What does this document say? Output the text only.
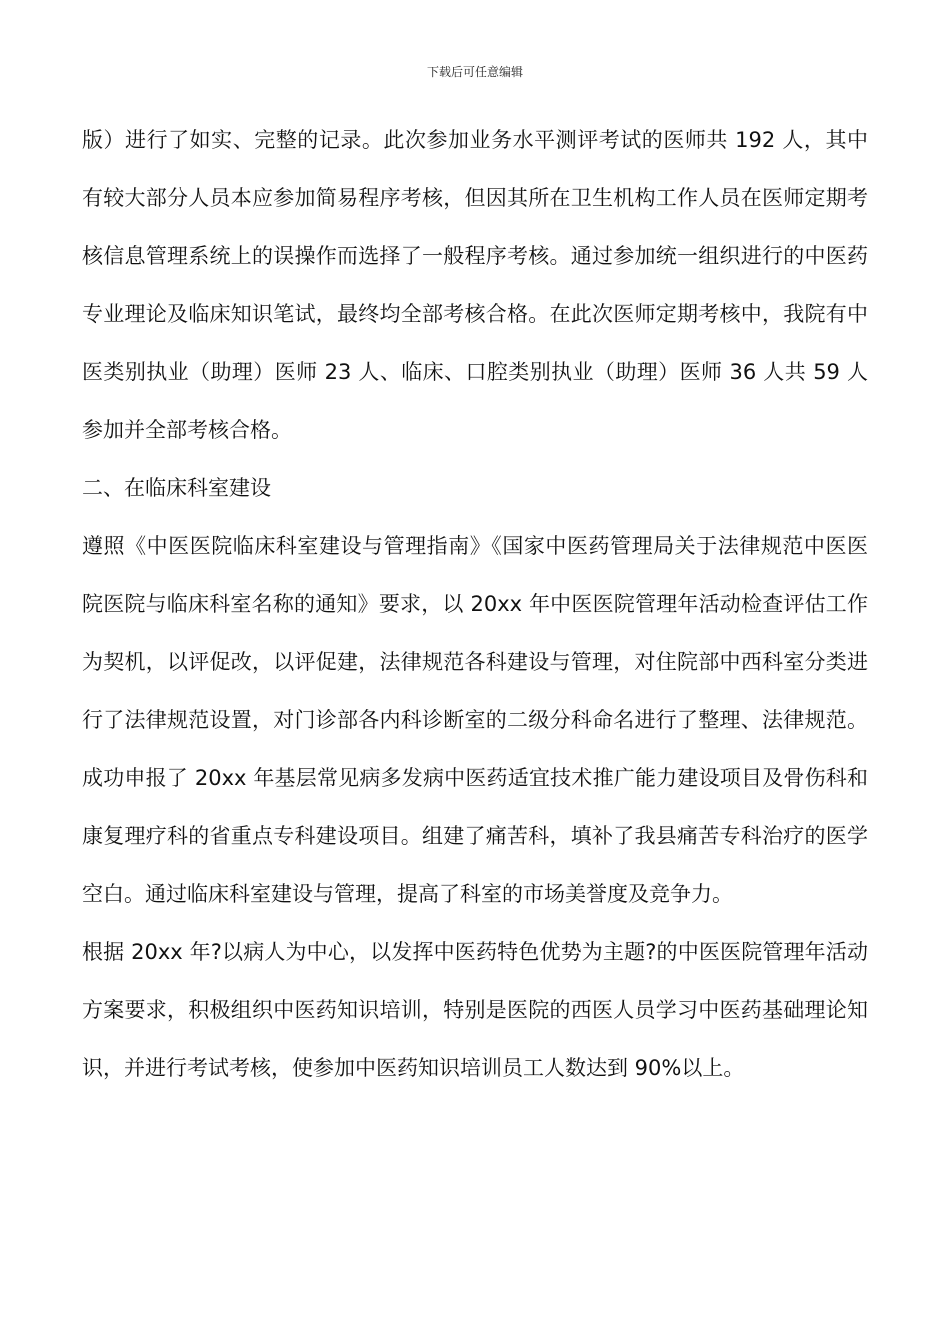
下载后可任意编辑

版）进行了如实、完整的记录。此次参加业务水平测评考试的医师共 192 人，其中有较大部分人员本应参加简易程序考核，但因其所在卫生机构工作人员在医师定期考核信息管理系统上的误操作而选择了一般程序考核。通过参加统一组织进行的中医药专业理论及临床知识笔试，最终均全部考核合格。在此次医师定期考核中，我院有中医类别执业（助理）医师 23 人、临床、口腔类别执业（助理）医师 36 人共 59 人参加并全部考核合格。

二、在临床科室建设

遵照《中医医院临床科室建设与管理指南》《国家中医药管理局关于法律规范中医医院医院与临床科室名称的通知》要求，以 20xx 年中医医院管理年活动检查评估工作为契机，以评促改，以评促建，法律规范各科建设与管理，对住院部中西科室分类进行了法律规范设置，对门诊部各内科诊断室的二级分科命名进行了整理、法律规范。成功申报了 20xx 年基层常见病多发病中医药适宜技术推广能力建设项目及骨伤科和康复理疗科的省重点专科建设项目。组建了痛苦科，填补了我县痛苦专科治疗的医学空白。通过临床科室建设与管理，提高了科室的市场美誉度及竞争力。

根据 20xx 年?以病人为中心，以发挥中医药特色优势为主题?的中医医院管理年活动方案要求，积极组织中医药知识培训，特别是医院的西医人员学习中医药基础理论知识，并进行考试考核，使参加中医药知识培训员工人数达到 90%以上。
